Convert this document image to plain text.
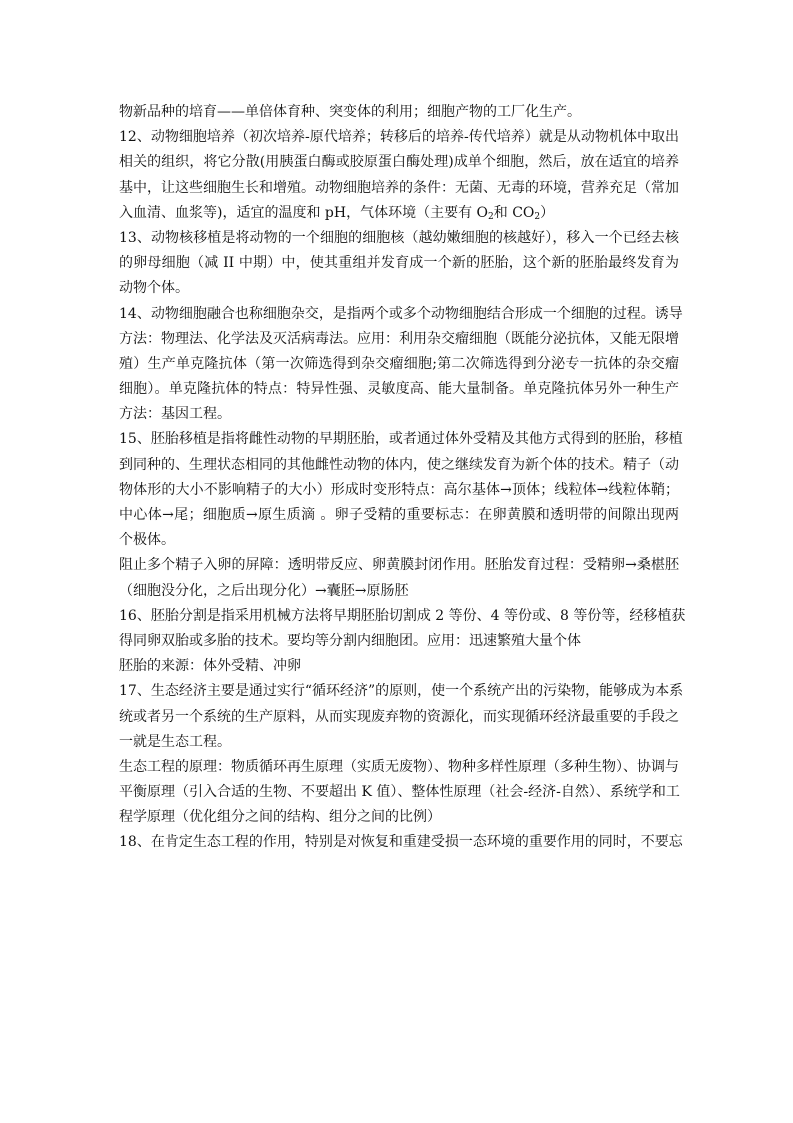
物新品种的培育——单倍体育种、突变体的利用；细胞产物的工厂化生产。
12、动物细胞培养（初次培养-原代培养；转移后的培养-传代培养）就是从动物机体中取出
相关的组织，将它分散(用胰蛋白酶或胶原蛋白酶处理)成单个细胞，然后，放在适宜的培养
基中，让这些细胞生长和增殖。动物细胞培养的条件：无菌、无毒的环境，营养充足（常加
入血清、血浆等)，适宜的温度和 pH，气体环境（主要有 $O_2$和 $CO_2$）
13、动物核移植是将动物的一个细胞的细胞核（越幼嫩细胞的核越好），移入一个已经去核
的卵母细胞（减 II 中期）中，使其重组并发育成一个新的胚胎，这个新的胚胎最终发育为
动物个体。
14、动物细胞融合也称细胞杂交，是指两个或多个动物细胞结合形成一个细胞的过程。诱导
方法：物理法、化学法及灭活病毒法。应用：利用杂交瘤细胞（既能分泌抗体，又能无限增
殖）生产单克隆抗体（第一次筛选得到杂交瘤细胞;第二次筛选得到分泌专一抗体的杂交瘤
细胞）。单克隆抗体的特点：特异性强、灵敏度高、能大量制备。单克隆抗体另外一种生产
方法：基因工程。
15、胚胎移植是指将雌性动物的早期胚胎，或者通过体外受精及其他方式得到的胚胎，移植
到同种的、生理状态相同的其他雌性动物的体内，使之继续发育为新个体的技术。精子（动
物体形的大小不影响精子的大小）形成时变形特点：高尔基体→顶体；线粒体→线粒体鞘；
中心体→尾；细胞质→原生质滴 。卵子受精的重要标志：在卵黄膜和透明带的间隙出现两
个极体。
阻止多个精子入卵的屏障：透明带反应、卵黄膜封闭作用。胚胎发育过程：受精卵→桑椹胚
（细胞没分化，之后出现分化）→囊胚→原肠胚
16、胚胎分割是指采用机械方法将早期胚胎切割成 2 等份、4 等份或、8 等份等，经移植获
得同卵双胎或多胎的技术。要均等分割内细胞团。应用：迅速繁殖大量个体
胚胎的来源：体外受精、冲卵
17、生态经济主要是通过实行“循环经济”的原则，使一个系统产出的污染物，能够成为本系
统或者另一个系统的生产原料，从而实现废弃物的资源化，而实现循环经济最重要的手段之
一就是生态工程。
生态工程的原理：物质循环再生原理（实质无废物）、物种多样性原理（多种生物）、协调与
平衡原理（引入合适的生物、不要超出 K 值）、整体性原理（社会-经济-自然）、系统学和工
程学原理（优化组分之间的结构、组分之间的比例）
18、在肯定生态工程的作用，特别是对恢复和重建受损一态环境的重要作用的同时，不要忘
